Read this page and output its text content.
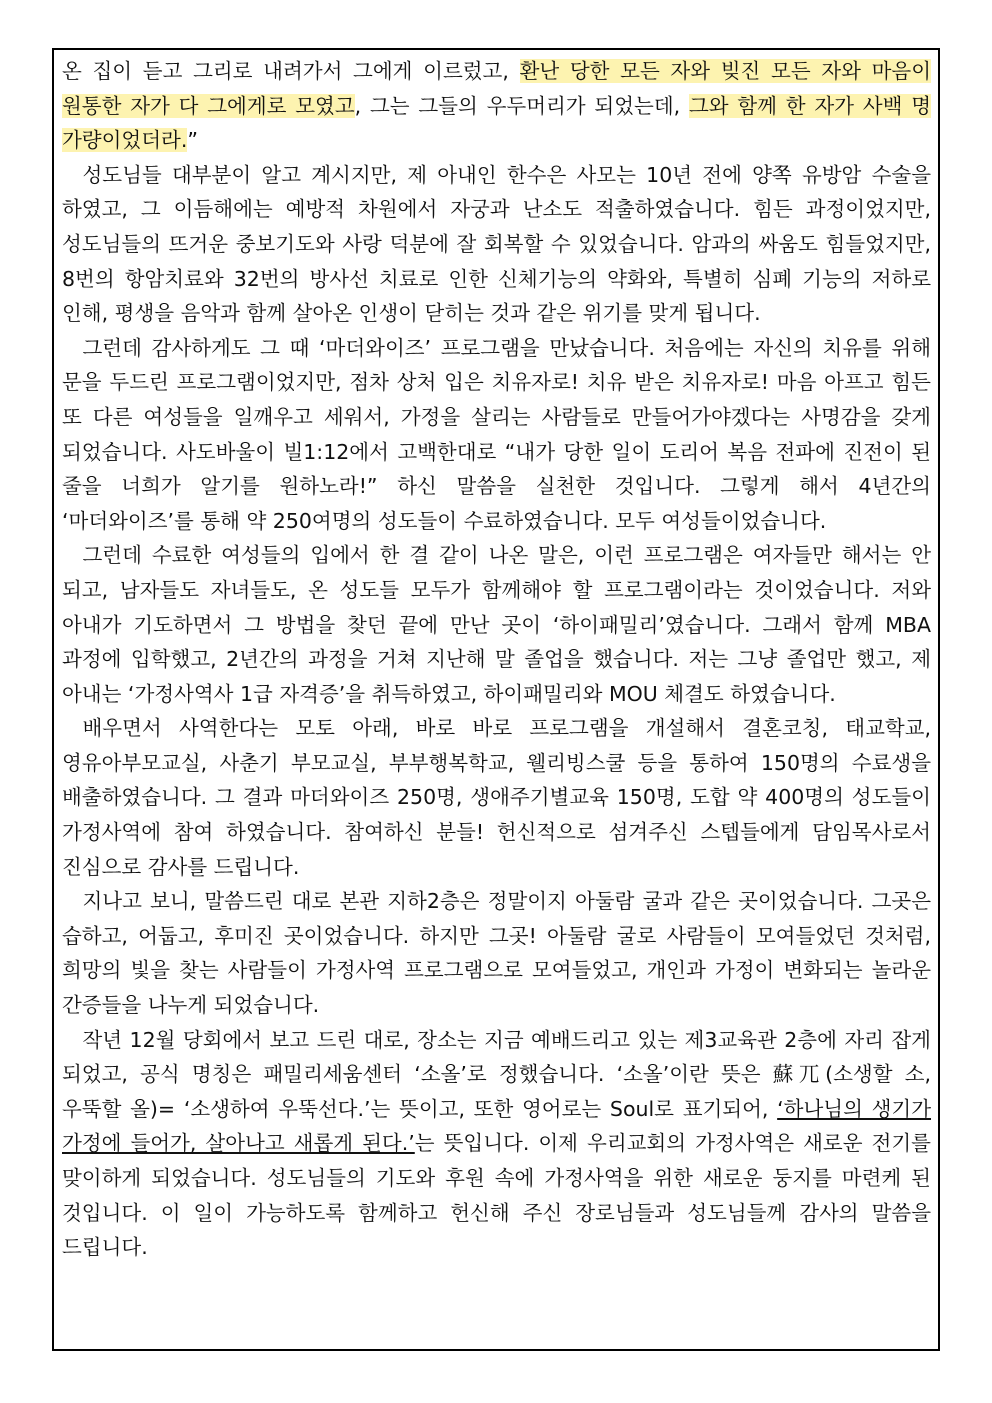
온 집이 듣고 그리로 내려가서 그에게 이르렀고, 환난 당한 모든 자와 빚진 모든 자와 마음이 원통한 자가 다 그에게로 모였고, 그는 그들의 우두머리가 되었는데, 그와 함께 한 자가 사백 명 가량이었더라.”

성도님들 대부분이 알고 계시지만, 제 아내인 한수은 사모는 10년 전에 양쪽 유방암 수술을 하였고, 그 이듬해에는 예방적 차원에서 자궁과 난소도 적출하였습니다. 힘든 과정이었지만, 성도님들의 뜨거운 중보기도와 사랑 덕분에 잘 회복할 수 있었습니다. 암과의 싸움도 힘들었지만, 8번의 항암치료와 32번의 방사선 치료로 인한 신체기능의 약화와, 특별히 심폐 기능의 저하로 인해, 평생을 음악과 함께 살아온 인생이 닫히는 것과 같은 위기를 맞게 됩니다.

그런데 감사하게도 그 때 ‘마더와이즈’ 프로그램을 만났습니다. 처음에는 자신의 치유를 위해 문을 두드린 프로그램이었지만, 점차 상처 입은 치유자로! 치유 받은 치유자로! 마음 아프고 힘든 또 다른 여성들을 일깨우고 세워서, 가정을 살리는 사람들로 만들어가야겠다는 사명감을 갖게 되었습니다. 사도바울이 빌1:12에서 고백한대로 “내가 당한 일이 도리어 복음 전파에 진전이 된 줄을 너희가 알기를 원하노라!” 하신 말씀을 실천한 것입니다. 그렇게 해서 4년간의 ‘마더와이즈’를 통해 약 250여명의 성도들이 수료하였습니다. 모두 여성들이었습니다.

그런데 수료한 여성들의 입에서 한 결 같이 나온 말은, 이런 프로그램은 여자들만 해서는 안 되고, 남자들도 자녀들도, 온 성도들 모두가 함께해야 할 프로그램이라는 것이었습니다. 저와 아내가 기도하면서 그 방법을 찾던 끝에 만난 곳이 ‘하이패밀리’였습니다. 그래서 함께 MBA 과정에 입학했고, 2년간의 과정을 거쳐 지난해 말 졸업을 했습니다. 저는 그냥 졸업만 했고, 제 아내는 ‘가정사역사 1급 자격증’을 취득하였고, 하이패밀리와 MOU 체결도 하였습니다.

배우면서 사역한다는 모토 아래, 바로 바로 프로그램을 개설해서 결혼코칭, 태교학교, 영유아부모교실, 사춘기 부모교실, 부부행복학교, 웰리빙스쿨 등을 통하여 150명의 수료생을 배출하였습니다. 그 결과 마더와이즈 250명, 생애주기별교육 150명, 도합 약 400명의 성도들이 가정사역에 참여 하였습니다. 참여하신 분들! 헌신적으로 섬겨주신 스텝들에게 담임목사로서 진심으로 감사를 드립니다.

지나고 보니, 말씀드린 대로 본관 지하2층은 정말이지 아둘람 굴과 같은 곳이었습니다. 그곳은 습하고, 어둡고, 후미진 곳이었습니다. 하지만 그곳! 아둘람 굴로 사람들이 모여들었던 것처럼, 희망의 빛을 찾는 사람들이 가정사역 프로그램으로 모여들었고, 개인과 가정이 변화되는 놀라운 간증들을 나누게 되었습니다.

작년 12월 당회에서 보고 드린 대로, 장소는 지금 예배드리고 있는 제3교육관 2층에 자리 잡게 되었고, 공식 명칭은 패밀리세움센터 ‘소올’로 정했습니다. ‘소올’이란 뜻은 蘇兀(소생할 소, 우뚝할 올)= ‘소생하여 우뚝선다.’는 뜻이고, 또한 영어로는 Soul로 표기되어, ‘하나님의 생기가 가정에 들어가, 살아나고 새롭게 된다.’는 뜻입니다. 이제 우리교회의 가정사역은 새로운 전기를 맞이하게 되었습니다. 성도님들의 기도와 후원 속에 가정사역을 위한 새로운 둥지를 마련케 된 것입니다. 이 일이 가능하도록 함께하고 헌신해 주신 장로님들과 성도님들께 감사의 말씀을 드립니다.
